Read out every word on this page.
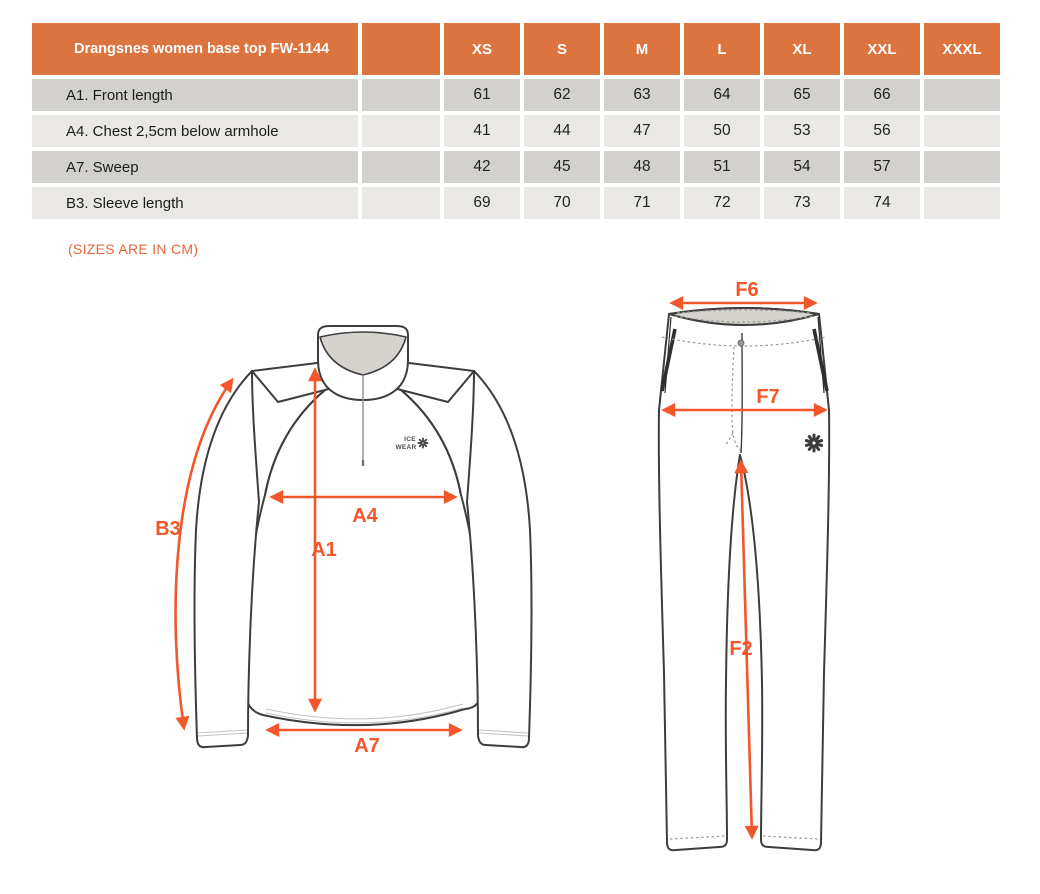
Drangsnes women base top FW-1144		XS	S	M	L	XL	XXL	XXXL
A1. Front length		61	62	63	64	65	66	
A4. Chest 2,5cm below armhole		41	44	47	50	53	56	
A7. Sweep		42	45	48	51	54	57	
B3. Sleeve length		69	70	71	72	73	74	
(SIZES ARE IN CM)
ICE
WEAR
B3
A4
A1
A7
F6
F7
F2
